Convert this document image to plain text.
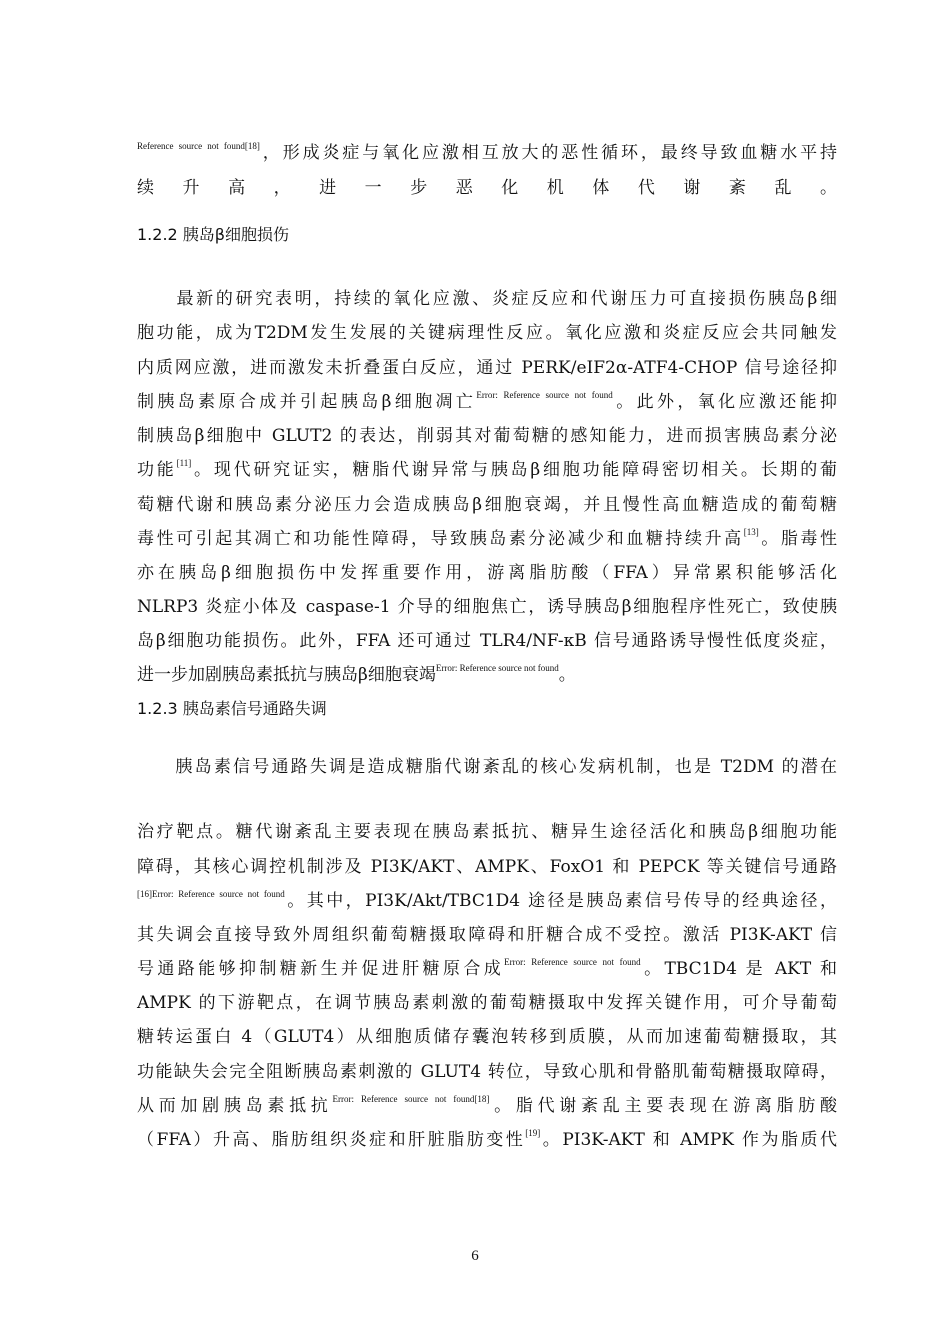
$^{Reference source not found[18]}$，形成炎症与氧化应激相互放大的恶性循环，最终导致血糖水平持
续升高，进一步恶化机体代谢紊乱。
1.2.2 胰岛β细胞损伤
　　最新的研究表明，持续的氧化应激、炎症反应和代谢压力可直接损伤胰岛β细
胞功能，成为T2DM发生发展的关键病理性反应。氧化应激和炎症反应会共同触发
内质网应激，进而激发未折叠蛋白反应，通过 PERK/eIF2α-ATF4-CHOP 信号途径抑
制胰岛素原合成并引起胰岛β细胞凋亡$^{Error: Reference source not found}$。此外，氧化应激还能抑
制胰岛β细胞中 GLUT2 的表达，削弱其对葡萄糖的感知能力，进而损害胰岛素分泌
功能[11]。现代研究证实，糖脂代谢异常与胰岛β细胞功能障碍密切相关。长期的葡
萄糖代谢和胰岛素分泌压力会造成胰岛β细胞衰竭，并且慢性高血糖造成的葡萄糖
毒性可引起其凋亡和功能性障碍，导致胰岛素分泌减少和血糖持续升高[13]。脂毒性
亦在胰岛β细胞损伤中发挥重要作用，游离脂肪酸（FFA）异常累积能够活化
NLRP3 炎症小体及 caspase-1 介导的细胞焦亡，诱导胰岛β细胞程序性死亡，致使胰
岛β细胞功能损伤。此外，FFA 还可通过 TLR4/NF-κB 信号通路诱导慢性低度炎症，
进一步加剧胰岛素抵抗与胰岛β细胞衰竭$^{Error: Reference source not found}$。
1.2.3 胰岛素信号通路失调
　　胰岛素信号通路失调是造成糖脂代谢紊乱的核心发病机制，也是 T2DM 的潜在
治疗靶点。糖代谢紊乱主要表现在胰岛素抵抗、糖异生途径活化和胰岛β细胞功能
障碍，其核心调控机制涉及 PI3K/AKT、AMPK、FoxO1 和 PEPCK 等关键信号通路
$^{[16]Error: Reference source not found}$。其中，PI3K/Akt/TBC1D4 途径是胰岛素信号传导的经典途径，
其失调会直接导致外周组织葡萄糖摄取障碍和肝糖合成不受控。激活 PI3K-AKT 信
号通路能够抑制糖新生并促进肝糖原合成$^{Error: Reference source not found}$。TBC1D4 是 AKT 和
AMPK 的下游靶点，在调节胰岛素刺激的葡萄糖摄取中发挥关键作用，可介导葡萄
糖转运蛋白 4（GLUT4）从细胞质储存囊泡转移到质膜，从而加速葡萄糖摄取，其
功能缺失会完全阻断胰岛素刺激的 GLUT4 转位，导致心肌和骨骼肌葡萄糖摄取障碍，
从而加剧胰岛素抵抗$^{Error: Reference source not found[18]}$。脂代谢紊乱主要表现在游离脂肪酸
（FFA）升高、脂肪组织炎症和肝脏脂肪变性[19]。PI3K-AKT 和 AMPK 作为脂质代
6
